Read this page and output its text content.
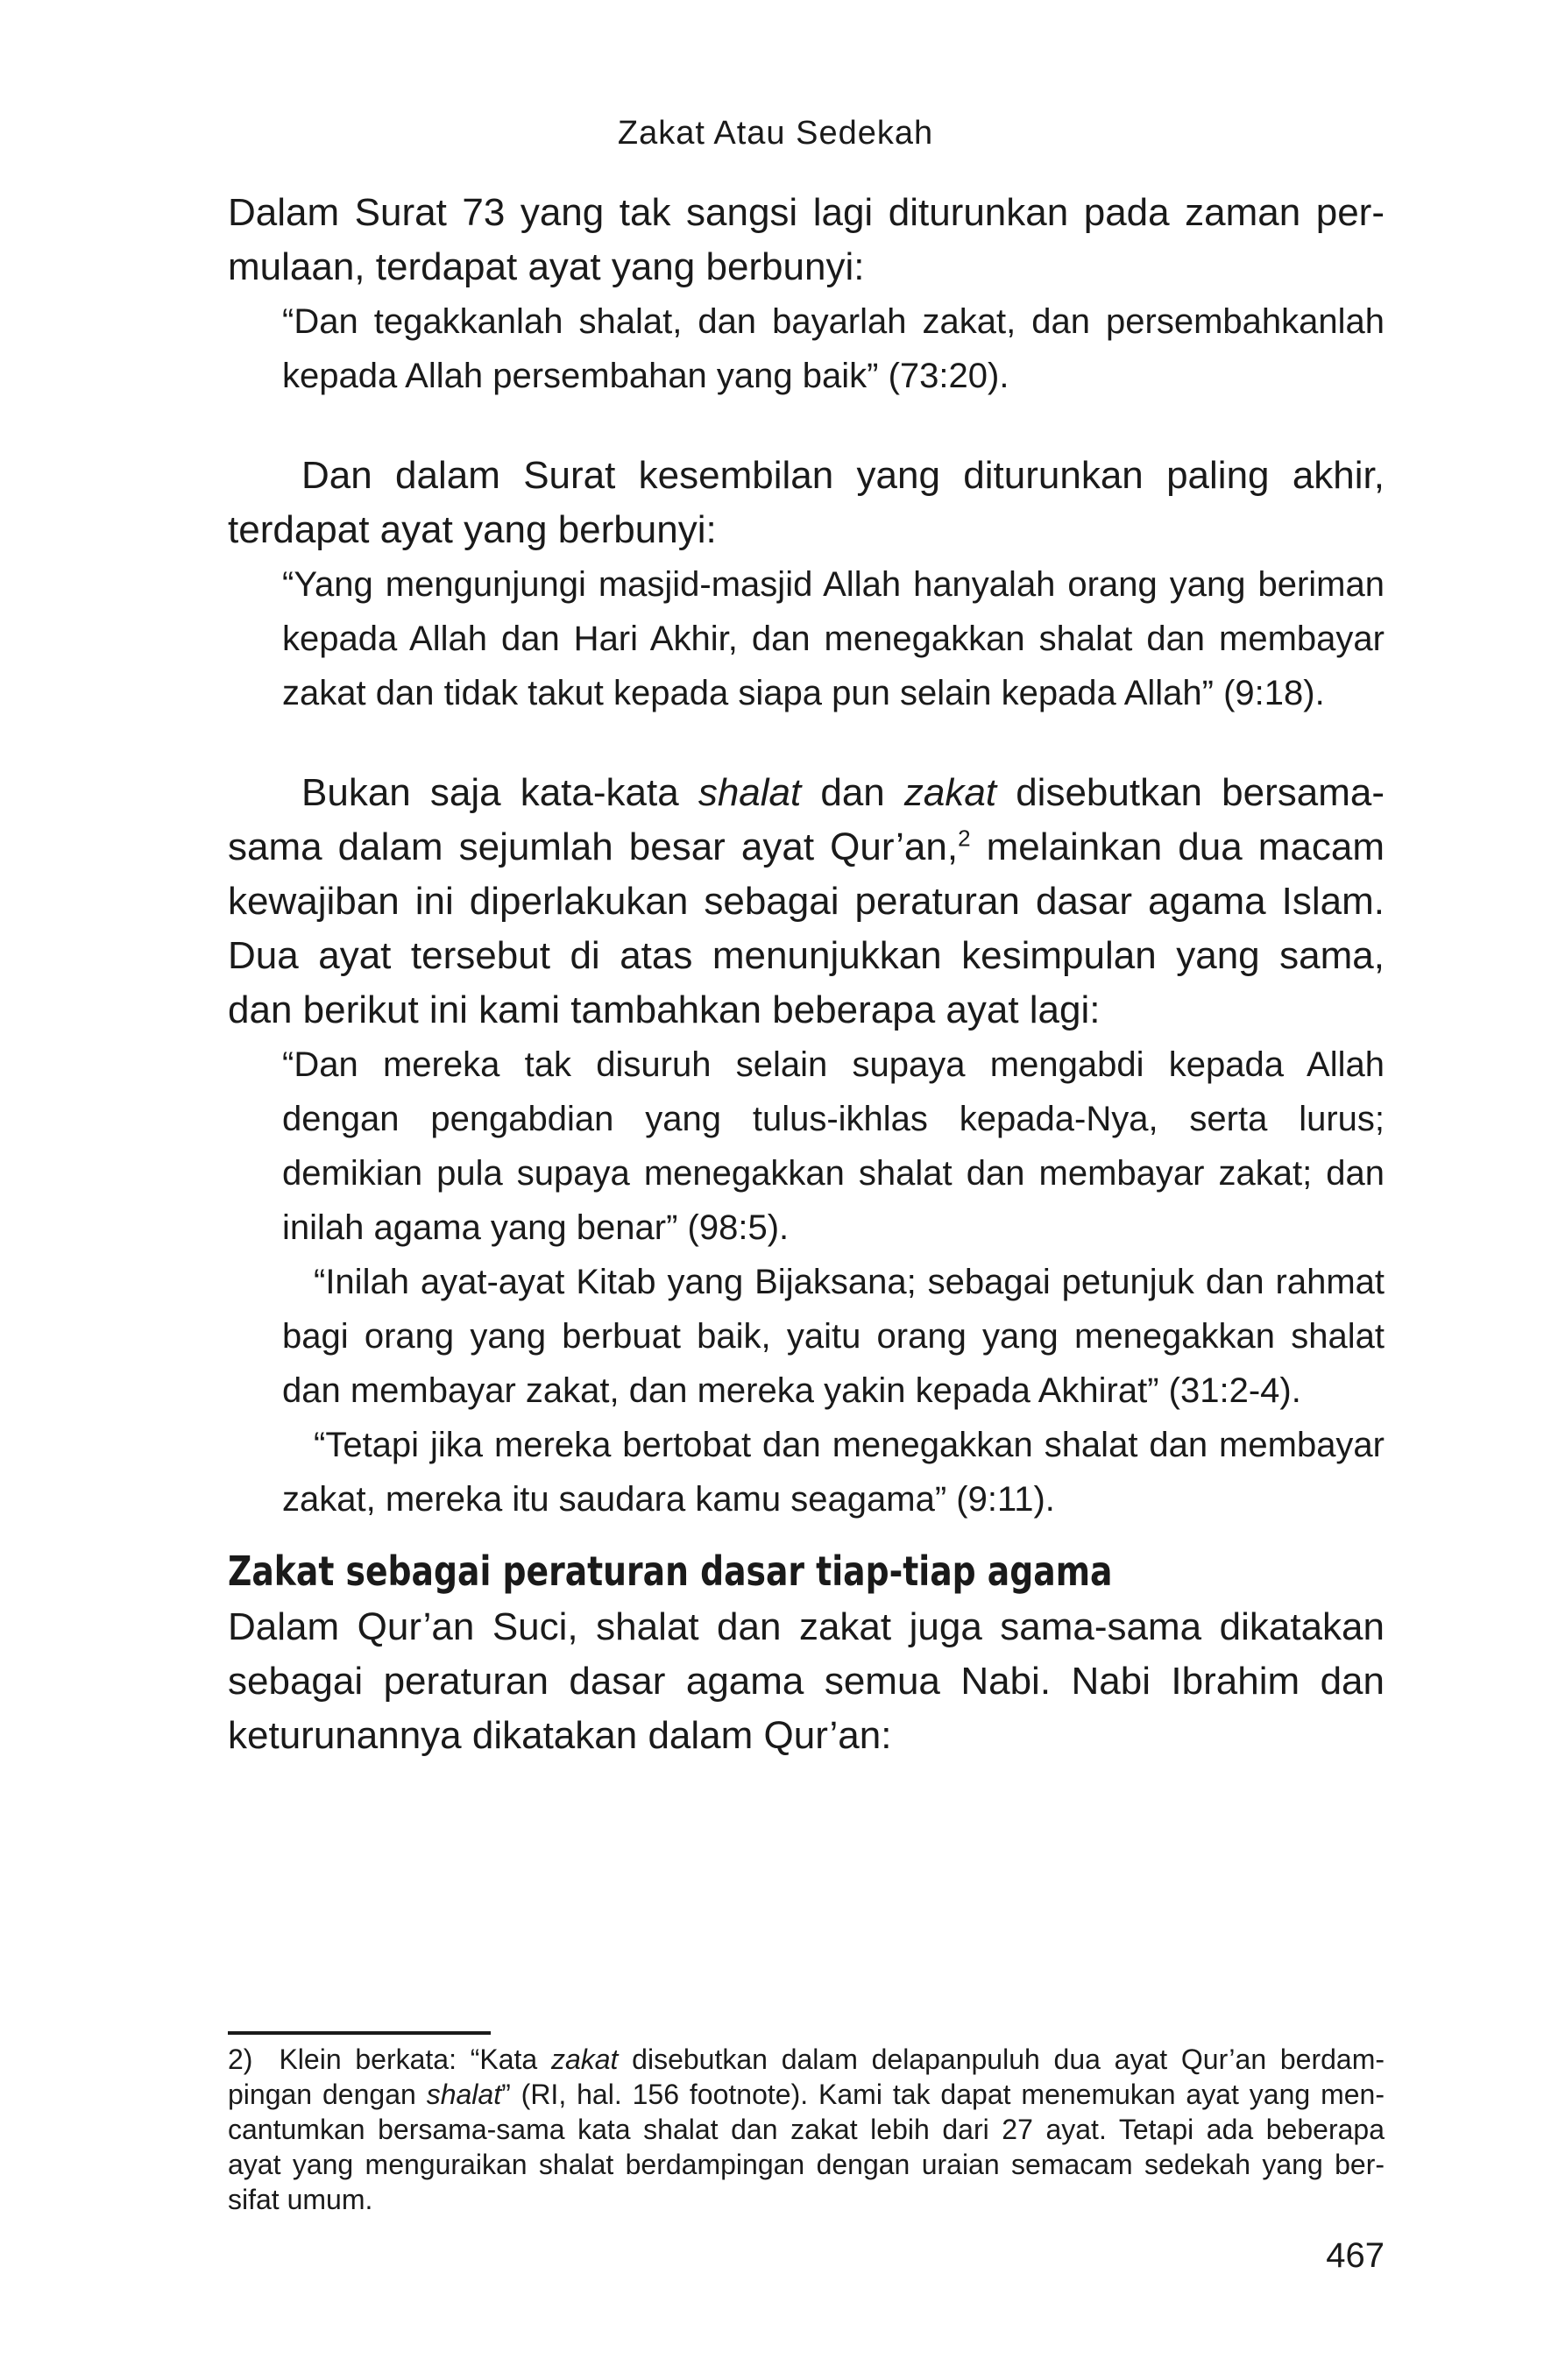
Zakat Atau Sedekah

Dalam Surat 73 yang tak sangsi lagi diturunkan pada zaman permulaan, terdapat ayat yang berbunyi:

“Dan tegakkanlah shalat, dan bayarlah zakat, dan persembahkanlah kepada Allah persembahan yang baik” (73:20).

Dan dalam Surat kesembilan yang diturunkan paling akhir, terdapat ayat yang berbunyi:

“Yang mengunjungi masjid-masjid Allah hanyalah orang yang beriman kepada Allah dan Hari Akhir, dan menegakkan shalat dan membayar zakat dan tidak takut kepada siapa pun selain kepada Allah” (9:18).

Bukan saja kata-kata shalat dan zakat disebutkan bersama-sama dalam sejumlah besar ayat Qur’an,$^2$ melainkan dua macam kewajiban ini diperlakukan sebagai peraturan dasar agama Islam. Dua ayat tersebut di atas menunjukkan kesimpulan yang sama, dan berikut ini kami tambahkan beberapa ayat lagi:

“Dan mereka tak disuruh selain supaya mengabdi kepada Allah dengan pengabdian yang tulus-ikhlas kepada-Nya, serta lurus; demikian pula supaya menegakkan shalat dan membayar zakat; dan inilah agama yang benar” (98:5).

“Inilah ayat-ayat Kitab yang Bijaksana; sebagai petunjuk dan rahmat bagi orang yang berbuat baik, yaitu orang yang menegakkan shalat dan membayar zakat, dan mereka yakin kepada Akhirat” (31:2-4).

“Tetapi jika mereka bertobat dan menegakkan shalat dan membayar zakat, mereka itu saudara kamu seagama” (9:11).

Zakat sebagai peraturan dasar tiap-tiap agama

Dalam Qur’an Suci, shalat dan zakat juga sama-sama dikatakan sebagai peraturan dasar agama semua Nabi. Nabi Ibrahim dan keturunannya dikatakan dalam Qur’an:

2) Klein berkata: “Kata zakat disebutkan dalam delapanpuluh dua ayat Qur’an berdampingan dengan shalat” (RI, hal. 156 footnote). Kami tak dapat menemukan ayat yang mencantumkan bersama-sama kata shalat dan zakat lebih dari 27 ayat. Tetapi ada beberapa ayat yang menguraikan shalat berdampingan dengan uraian semacam sedekah yang bersifat umum.
467
